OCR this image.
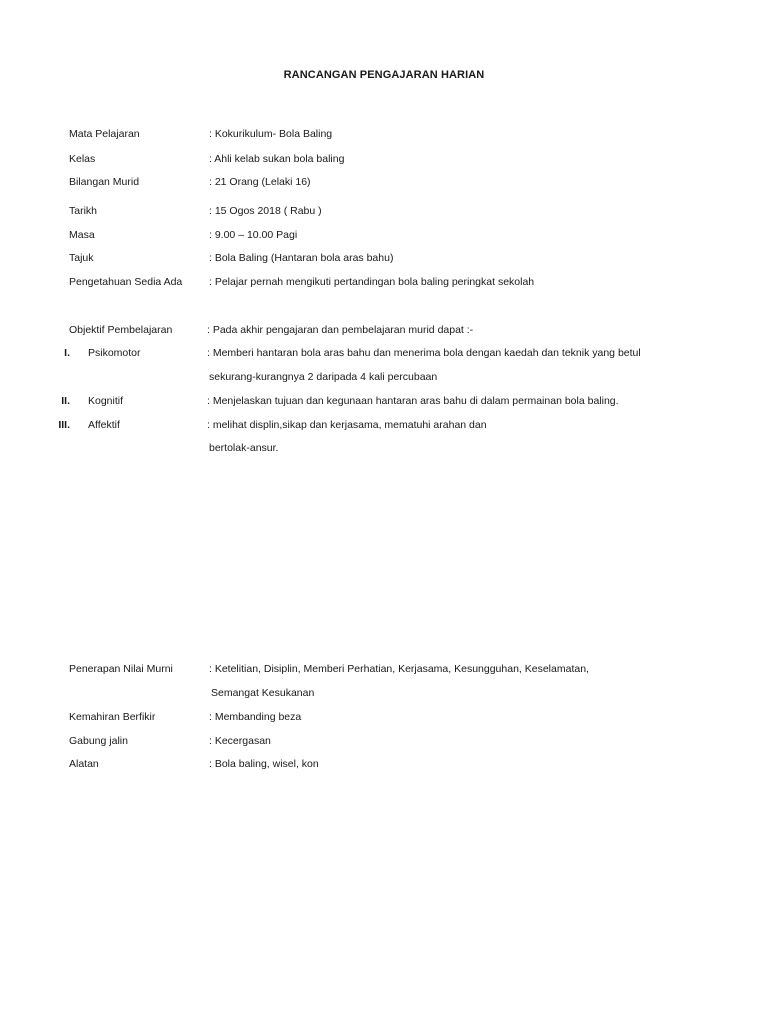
RANCANGAN PENGAJARAN HARIAN
Mata Pelajaran	: Kokurikulum- Bola Baling
Kelas	: Ahli kelab sukan bola baling
Bilangan Murid	: 21 Orang (Lelaki 16)
Tarikh	: 15 Ogos 2018 ( Rabu )
Masa	: 9.00 – 10.00 Pagi
Tajuk	: Bola Baling (Hantaran bola aras bahu)
Pengetahuan Sedia Ada	: Pelajar pernah mengikuti pertandingan bola baling peringkat sekolah
Objektif Pembelajaran	: Pada akhir pengajaran dan pembelajaran murid dapat :-
I. Psikomotor	: Memberi hantaran bola aras bahu dan menerima bola dengan kaedah dan teknik yang betul
sekurang-kurangnya 2 daripada 4 kali percubaan
II. Kognitif	: Menjelaskan tujuan dan kegunaan hantaran aras bahu di dalam permainan bola baling.
III. Affektif	: melihat displin,sikap dan kerjasama, mematuhi arahan dan
bertolak-ansur.
Penerapan Nilai Murni	: Ketelitian, Disiplin, Memberi Perhatian, Kerjasama, Kesungguhan, Keselamatan,
Semangat Kesukanan
Kemahiran Berfikir	: Membanding beza
Gabung jalin	: Kecergasan
Alatan	: Bola baling, wisel, kon
